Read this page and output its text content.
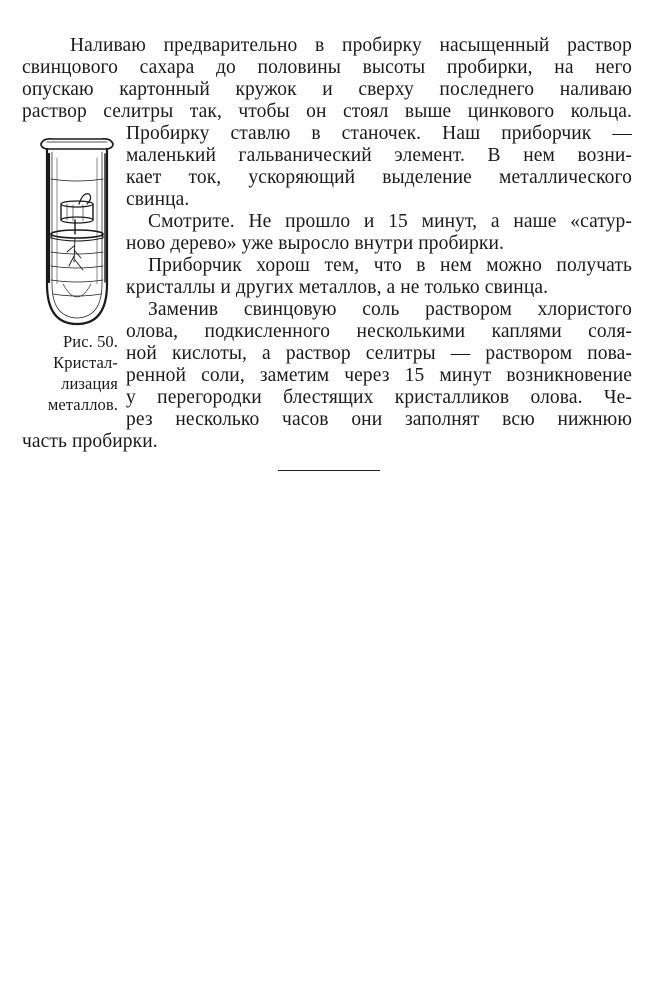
Рис. 50.
Кристал-
лизация
металлов.
Наливаю предварительно в пробирку насыщенный раствор
свинцового сахара до половины высоты пробирки, на него
опускаю картонный кружок и сверху последнего наливаю
раствор селитры так, чтобы он стоял выше цинкового кольца.
Пробирку ставлю в станочек. Наш приборчик —
маленький гальванический элемент. В нем возни-
кает ток, ускоряющий выделение металлического
свинца.
Смотрите. Не прошло и 15 минут, а наше «сатур-
ново дерево» уже выросло внутри пробирки.
Приборчик хорош тем, что в нем можно получать
кристаллы и других металлов, а не только свинца.
Заменив свинцовую соль раствором хлористого
олова, подкисленного несколькими каплями соля-
ной кислоты, а раствор селитры — раствором пова-
ренной соли, заметим через 15 минут возникновение
у перегородки блестящих кристалликов олова. Че-
рез несколько часов они заполнят всю нижнюю
часть пробирки.
